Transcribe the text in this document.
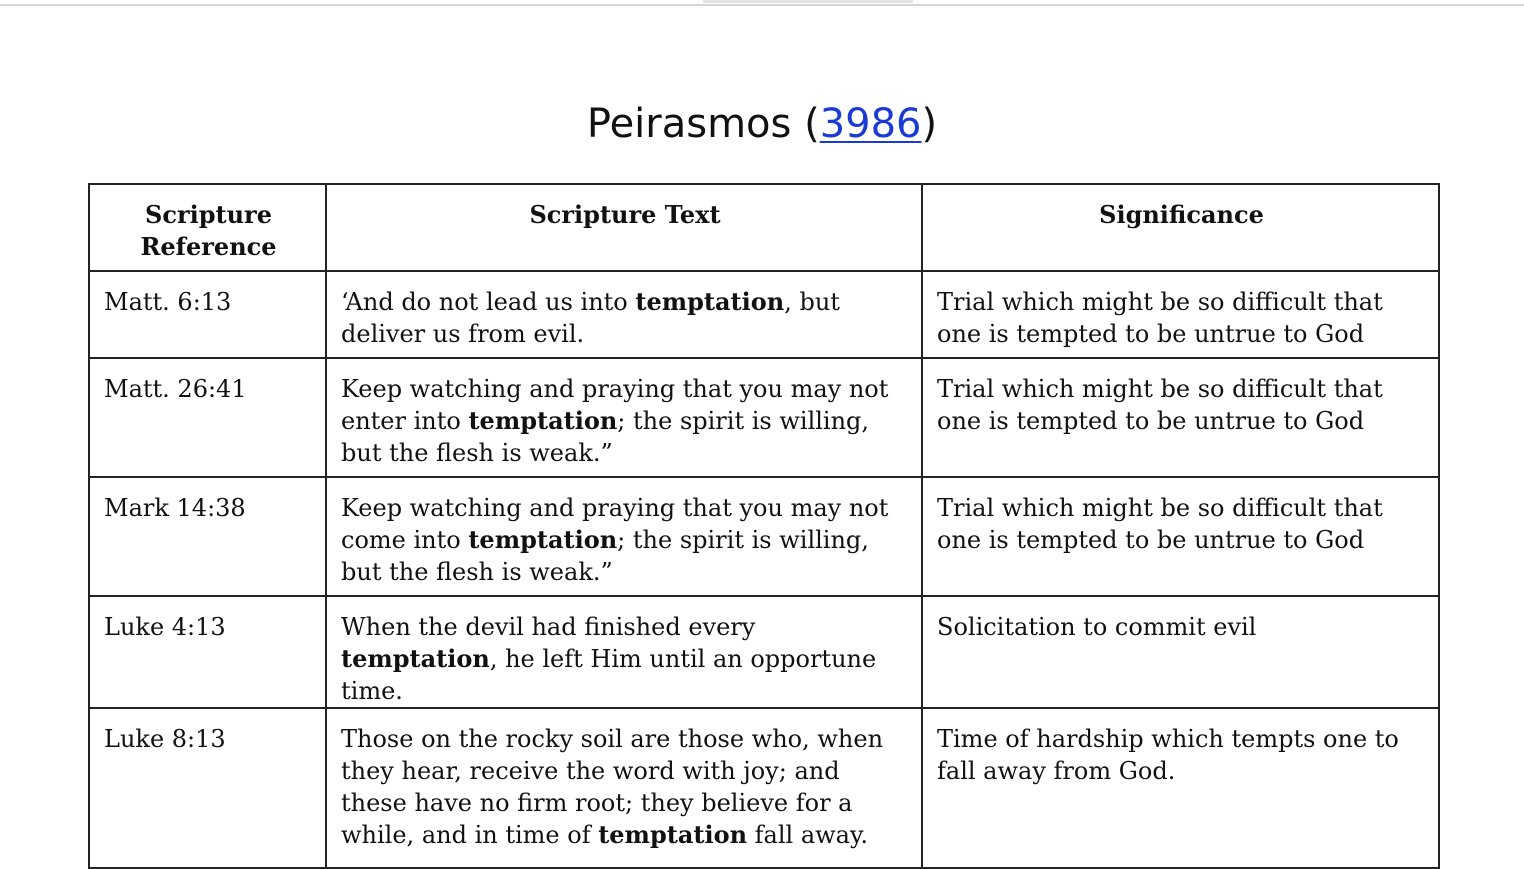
Peirasmos (3986)
Scripture Reference	Scripture Text	Significance
Matt. 6:13	‘And do not lead us into temptation, but deliver us from evil.	Trial which might be so difficult that one is tempted to be untrue to God
Matt. 26:41	Keep watching and praying that you may not enter into temptation; the spirit is willing, but the flesh is weak.”	Trial which might be so difficult that one is tempted to be untrue to God
Mark 14:38	Keep watching and praying that you may not come into temptation; the spirit is willing, but the flesh is weak.”	Trial which might be so difficult that one is tempted to be untrue to God
Luke 4:13	When the devil had finished every temptation, he left Him until an opportune time.	Solicitation to commit evil
Luke 8:13	Those on the rocky soil are those who, when they hear, receive the word with joy; and these have no firm root; they believe for a while, and in time of temptation fall away.	Time of hardship which tempts one to fall away from God.
